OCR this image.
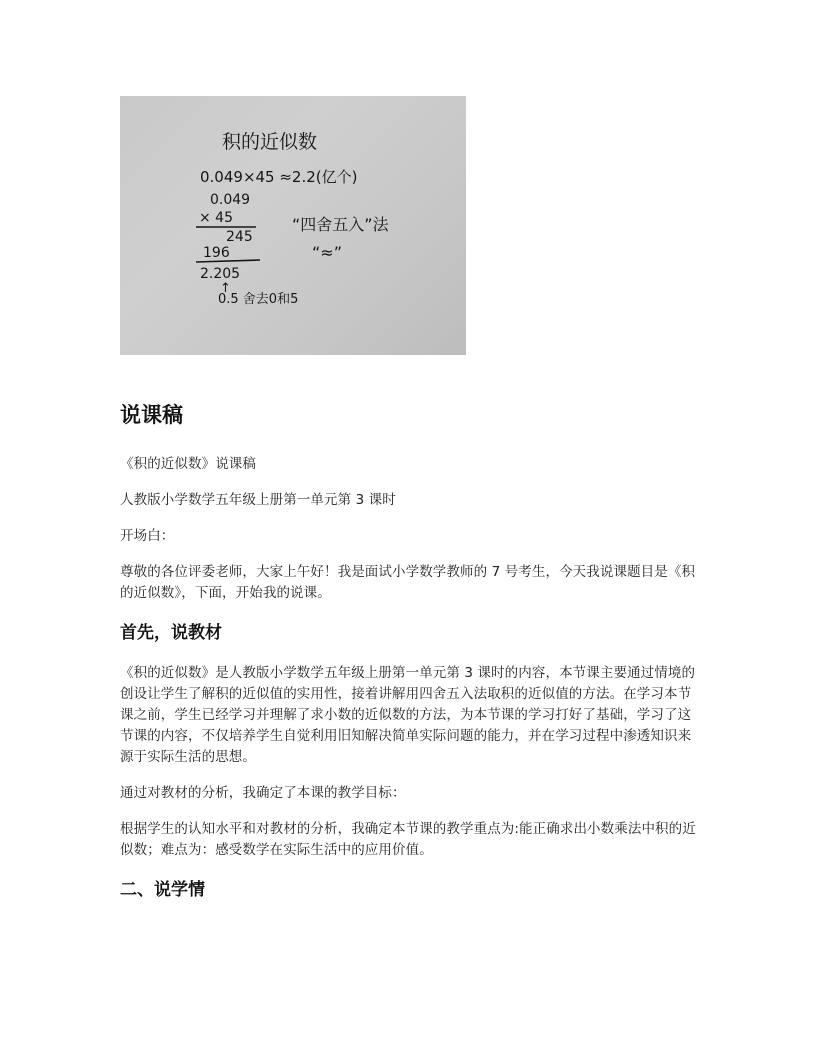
积的近似数
0.049×45 ≈2.2(亿个)
0.049
× 45
245
196
2.205
↑
0.5 舍去0和5
“四舍五入”法
“≈”
说课稿

《积的近似数》说课稿

人教版小学数学五年级上册第一单元第 3 课时

开场白：

尊敬的各位评委老师，大家上午好！我是面试小学数学教师的 7 号考生，今天我说课题目是《积的近似数》，下面，开始我的说课。

首先，说教材

《积的近似数》是人教版小学数学五年级上册第一单元第 3 课时的内容，本节课主要通过情境的创设让学生了解积的近似值的实用性，接着讲解用四舍五入法取积的近似值的方法。在学习本节课之前，学生已经学习并理解了求小数的近似数的方法，为本节课的学习打好了基础，学习了这节课的内容，不仅培养学生自觉利用旧知解决简单实际问题的能力，并在学习过程中渗透知识来源于实际生活的思想。

通过对教材的分析，我确定了本课的教学目标：

根据学生的认知水平和对教材的分析，我确定本节课的教学重点为:能正确求出小数乘法中积的近似数；难点为：感受数学在实际生活中的应用价值。

二、说学情
